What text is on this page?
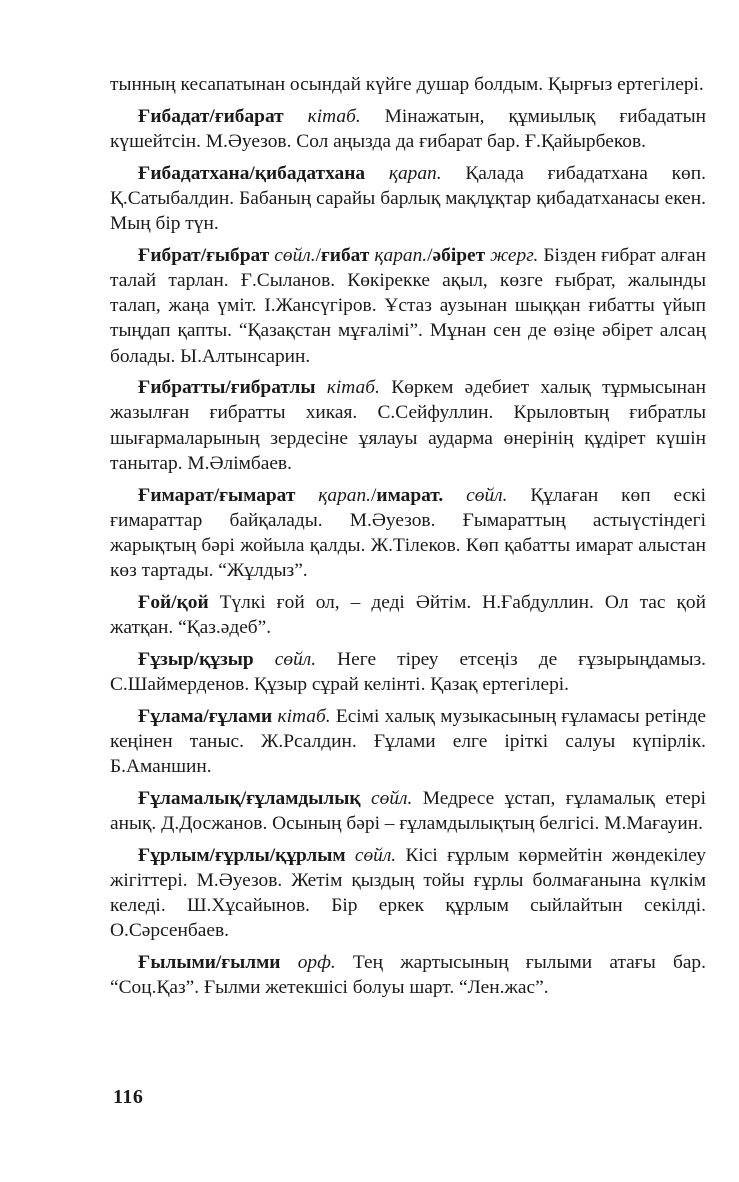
тынның кесапатынан осындай күйге душар болдым. Қырғыз ертегілері.

Ғибадат/ғибарат кітаб. Мінажатын, құмиылық ғибадатын күшейтсін. М.Әуезов. Сол аңызда да ғибарат бар. Ғ.Қайырбеков.

Ғибадатхана/қибадатхана қарап. Қалада ғибадатхана көп. Қ.Сатыбалдин. Бабаның сарайы барлық мақлұқтар қибадатханасы екен. Мың бір түн.

Ғибрат/ғыбрат сөйл./ғибат қарап./әбірет жерг. Бізден ғибрат алған талай тарлан. Ғ.Сыланов. Көкірекке ақыл, көзге ғыбрат, жалынды талап, жаңа үміт. І.Жансүгіров. Ұстаз аузынан шыққан ғибатты үйып тыңдап қапты. “Қазақстан мұғалімі”. Мұнан сен де өзіңе әбірет алсаң болады. Ы.Алтынсарин.

Ғибратты/ғибратлы кітаб. Көркем әдебиет халық тұрмысынан жазылған ғибратты хикая. С.Сейфуллин. Крыловтың ғибратлы шығармаларының зердесіне ұялауы аударма өнерінің құдірет күшін танытар. М.Әлімбаев.

Ғимарат/ғымарат қарап./имарат. сөйл. Құлаған көп ескі ғимараттар байқалады. М.Әуезов. Ғымараттың астыүстіндегі жарықтың бәрі жойыла қалды. Ж.Тілеков. Көп қабатты имарат алыстан көз тартады. “Жұлдыз”.

Ғой/қой Түлкі ғой ол, – деді Әйтім. Н.Ғабдуллин. Ол тас қой жатқан. “Қаз.әдеб”.

Ғұзыр/құзыр сөйл. Неге тіреу етсеңіз де ғұзырыңдамыз. С.Шаймерденов. Құзыр сұрай келінті. Қазақ ертегілері.

Ғұлама/ғұлами кітаб. Есімі халық музыкасының ғұламасы ретінде кеңінен таныс. Ж.Рсалдин. Ғұлами елге іріткі салуы күпірлік. Б.Аманшин.

Ғұламалық/ғұламдылық сөйл. Медресе ұстап, ғұламалық етері анық. Д.Досжанов. Осының бәрі – ғұламдылықтың белгісі. М.Мағауин.

Ғұрлым/ғұрлы/құрлым сөйл. Кісі ғұрлым көрмейтін жөндекілеу жігіттері. М.Әуезов. Жетім қыздың тойы ғұрлы болмағанына күлкім келеді. Ш.Хұсайынов. Бір еркек құрлым сыйлайтын секілді. О.Сәрсенбаев.

Ғылыми/ғылми орф. Тең жартысының ғылыми атағы бар. “Соц.Қаз”. Ғылми жетекшісі болуы шарт. “Лен.жас”.

116
